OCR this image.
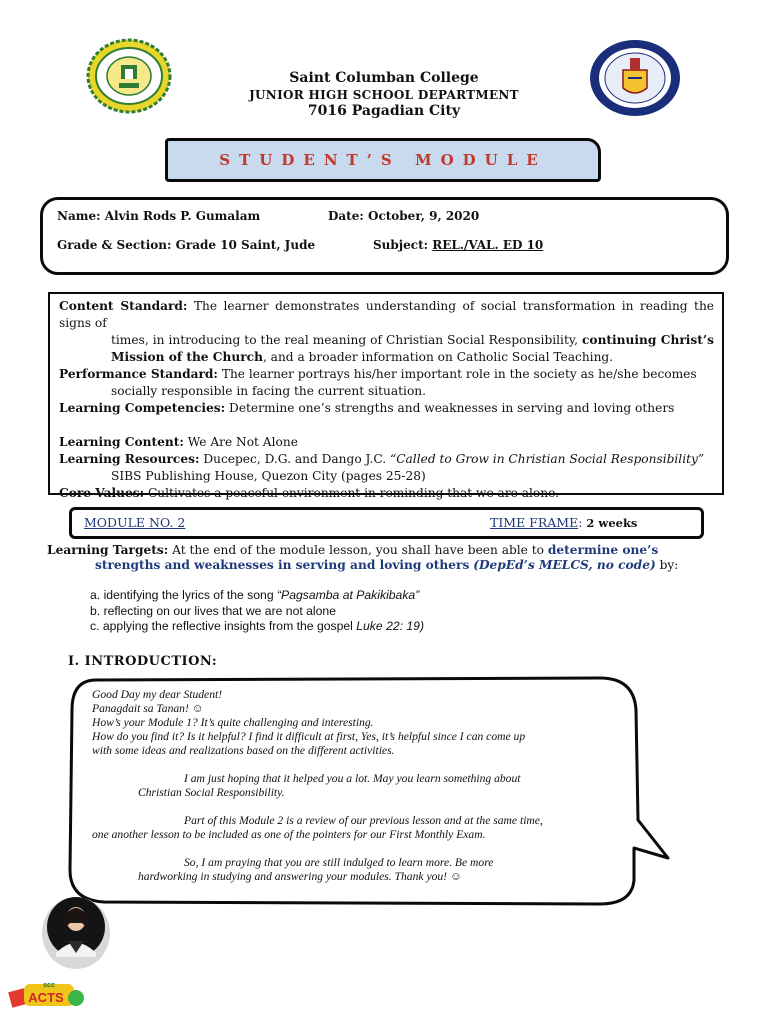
Saint Columban College
JUNIOR HIGH SCHOOL DEPARTMENT
7016 Pagadian City
STUDENT’S MODULE
Name: Alvin Rods P. Gumalam	Date: October, 9, 2020
Grade & Section: Grade 10 Saint, Jude	Subject: REL./VAL. ED 10

Content Standard: The learner demonstrates understanding of social transformation in reading the signs of
times, in introducing to the real meaning of Christian Social Responsibility, continuing Christ’s Mission of the Church, and a broader information on Catholic Social Teaching.

Performance Standard: The learner portrays his/her important role in the society as he/she becomes
socially responsible in facing the current situation.

Learning Competencies: Determine one’s strengths and weaknesses in serving and loving others

Learning Content: We Are Not Alone

Learning Resources: Ducepec, D.G. and Dango J.C. “Called to Grow in Christian Social Responsibility”
SIBS Publishing House, Quezon City (pages 25-28)

Core Values: Cultivates a peaceful environment in reminding that we are alone.

MODULE NO. 2	TIME FRAME: 2 weeks
Learning Targets: At the end of the module lesson, you shall have been able to determine one’s
strengths and weaknesses in serving and loving others (DepEd’s MELCS, no code) by:
a. identifying the lyrics of the song “Pagsamba at Pakikibaka”
b. reflecting on our lives that we are not alone
c. applying the reflective insights from the gospel Luke 22: 19)
I. INTRODUCTION:

Good Day my dear Student!

Panagdait sa Tanan! ☺

How’s your Module 1? It’s quite challenging and interesting.

How do you find it? Is it helpful? I find it difficult at first, Yes, it’s helpful since I can come up

with some ideas and realizations based on the different activities.

I am just hoping that it helped you a lot. May you learn something about

Christian Social Responsibility.

Part of this Module 2 is a review of our previous lesson and at the same time,

one another lesson to be included as one of the pointers for our First Monthly Exam.

So, I am praying that you are still indulged to learn more. Be more

hardworking in studying and answering your modules. Thank you! ☺

scc
ACTS
